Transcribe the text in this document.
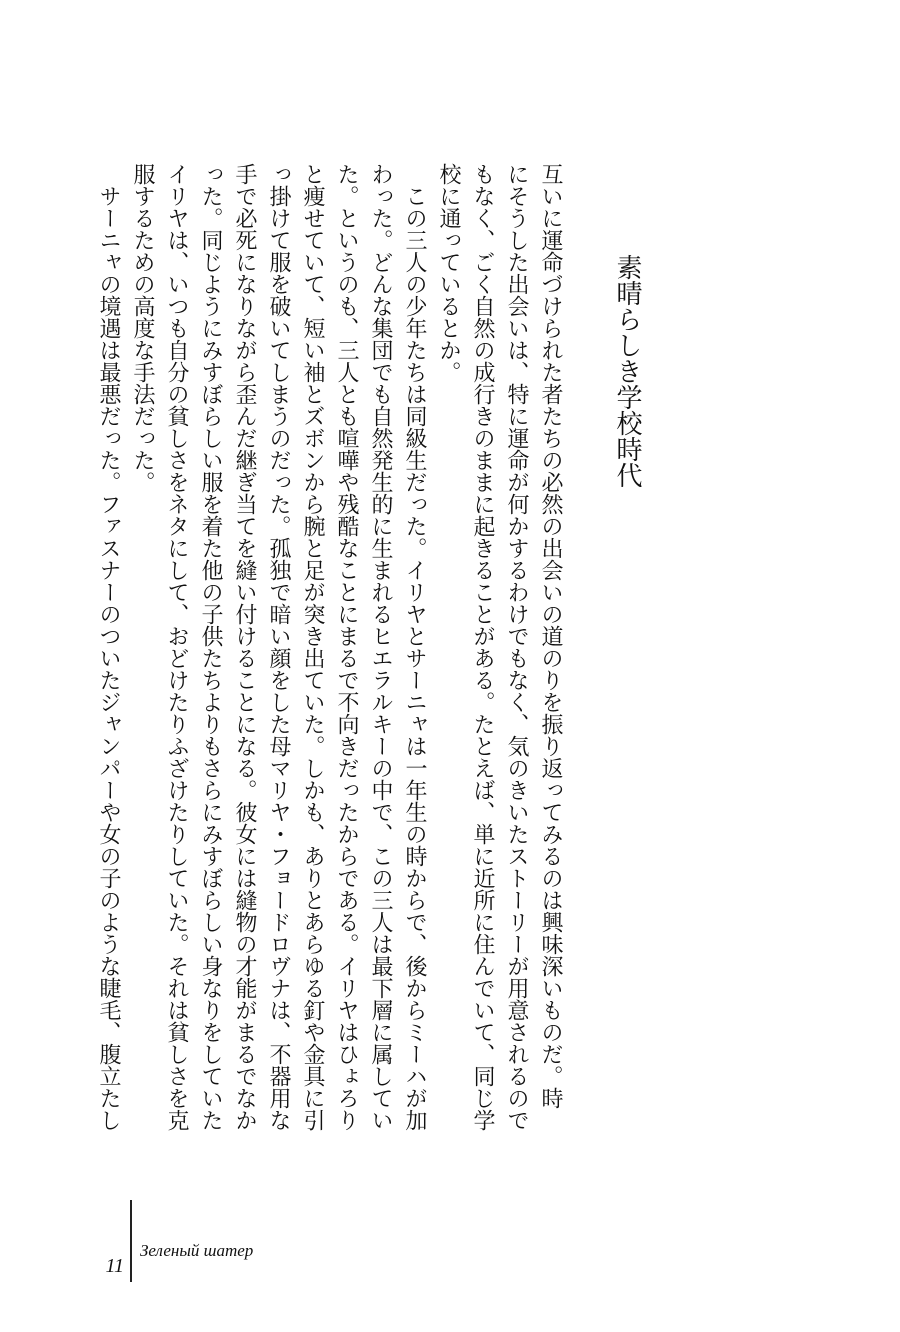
素晴らしき学校時代
互いに運命づけられた者たちの必然の出会いの道のりを振り返ってみるのは興味深いものだ。時
にそうした出会いは、特に運命が何かするわけでもなく、気のきいたストーリーが用意されるので
もなく、ごく自然の成行きのままに起きることがある。たとえば、単に近所に住んでいて、同じ学
校に通っているとか。
　この三人の少年たちは同級生だった。イリヤとサーニャは一年生の時からで、後からミーハが加
わった。どんな集団でも自然発生的に生まれるヒエラルキーの中で、この三人は最下層に属してい
た。というのも、三人とも喧嘩や残酷なことにまるで不向きだったからである。イリヤはひょろり
と痩せていて、短い袖とズボンから腕と足が突き出ていた。しかも、ありとあらゆる釘や金具に引
っ掛けて服を破いてしまうのだった。孤独で暗い顔をした母マリヤ・フョードロヴナは、不器用な
手で必死になりながら歪んだ継ぎ当てを縫い付けることになる。彼女には縫物の才能がまるでなか
った。同じようにみすぼらしい服を着た他の子供たちよりもさらにみすぼらしい身なりをしていた
イリヤは、いつも自分の貧しさをネタにして、おどけたりふざけたりしていた。それは貧しさを克
服するための高度な手法だった。
　サーニャの境遇は最悪だった。ファスナーのついたジャンパーや女の子のような睫毛、腹立たし
11
Зеленый шатер
